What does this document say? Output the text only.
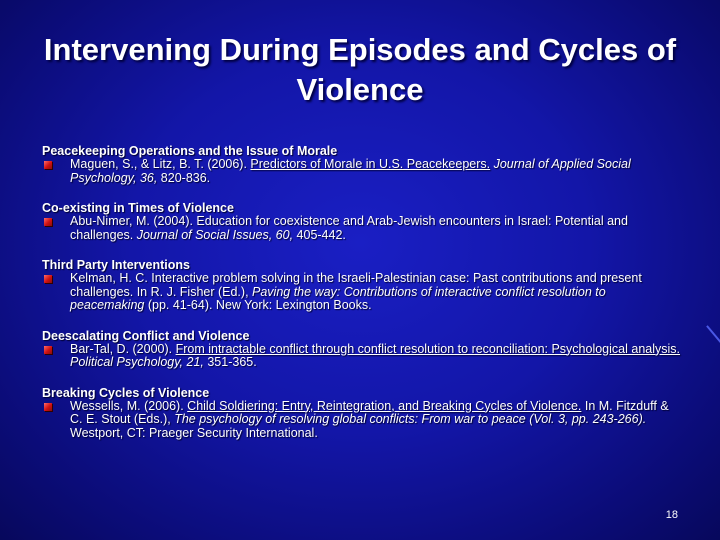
Intervening During Episodes and Cycles of Violence
Peacekeeping Operations and the Issue of Morale
Maguen, S., & Litz, B. T. (2006). Predictors of Morale in U.S. Peacekeepers. Journal of Applied Social Psychology, 36, 820-836.
Co-existing in Times of Violence
Abu-Nimer, M. (2004). Education for coexistence and Arab-Jewish encounters in Israel: Potential and challenges. Journal of Social Issues, 60, 405-442.
Third Party Interventions
Kelman, H. C. Interactive problem solving in the Israeli-Palestinian case: Past contributions and present challenges. In R. J. Fisher (Ed.), Paving the way: Contributions of interactive conflict resolution to peacemaking (pp. 41-64). New York: Lexington Books.
Deescalating Conflict and Violence
Bar-Tal, D. (2000). From intractable conflict through conflict resolution to reconciliation: Psychological analysis. Political Psychology, 21, 351-365.
Breaking Cycles of Violence
Wessells, M. (2006). Child Soldiering: Entry, Reintegration, and Breaking Cycles of Violence. In M. Fitzduff & C. E. Stout (Eds.), The psychology of resolving global conflicts: From war to peace (Vol. 3, pp. 243-266). Westport, CT: Praeger Security International.
18
